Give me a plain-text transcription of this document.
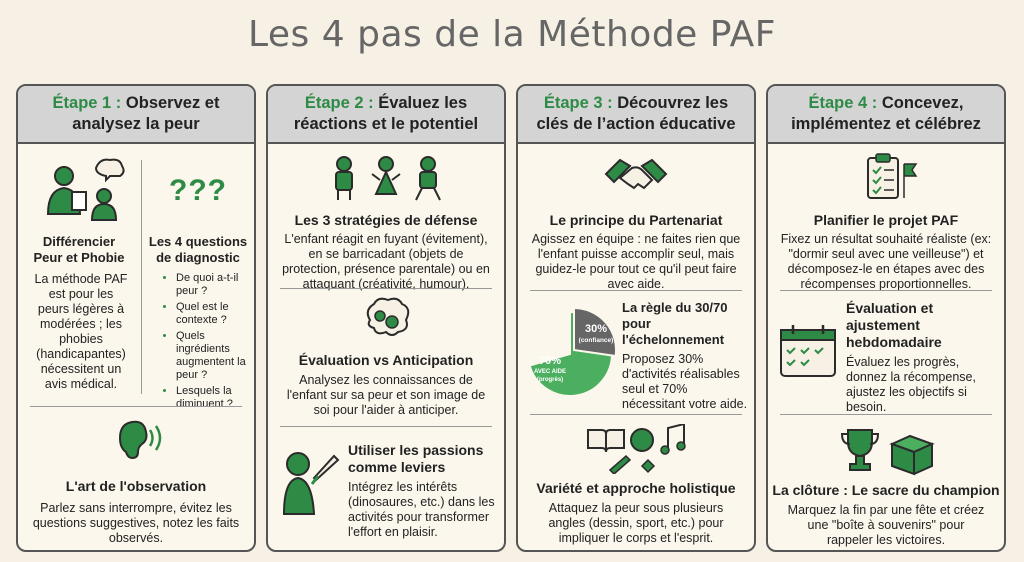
Les 4 pas de la Méthode PAF
Étape 1 : Observez et
analysez la peur
Différencier
Peur et Phobie
La méthode PAF est pour les peurs légères à modérées ; les phobies (handicapantes) nécessitent un avis médical.
???
Les 4 questions
de diagnostic
• De quoi a-t-il peur ?
• Quel est le contexte ?
• Quels ingrédients augmentent la peur ?
• Lesquels la diminuent ?
L'art de l'observation
Parlez sans interrompre, évitez les questions suggestives, notez les faits observés.
Étape 2 : Évaluez les
réactions et le potentiel
Les 3 stratégies de défense
L'enfant réagit en fuyant (évitement), en se barricadant (objets de protection, présence parentale) ou en attaquant (créativité, humour).
Évaluation vs Anticipation
Analysez les connaissances de l'enfant sur sa peur et son image de soi pour l'aider à anticiper.
Utiliser les passions
comme leviers
Intégrez les intérêts (dinosaures, etc.) dans les activités pour transformer l'effort en plaisir.
Étape 3 : Découvrez les
clés de l’action éducative
Le principe du Partenariat
Agissez en équipe : ne faites rien que l'enfant puisse accomplir seul, mais guidez-le pour tout ce qu'il peut faire avec aide.
30%
(confiance)
70%
AVEC AIDE
(progrès)
La règle du 30/70
pour l'échelonnement
Proposez 30% d'activités réalisables seul et 70% nécessitant votre aide.
Variété et approche holistique
Attaquez la peur sous plusieurs angles (dessin, sport, etc.) pour impliquer le corps et l'esprit.
Étape 4 : Concevez,
implémentez et célébrez
Planifier le projet PAF
Fixez un résultat souhaité réaliste (ex: "dormir seul avec une veilleuse") et décomposez-le en étapes avec des récompenses proportionnelles.
Évaluation et
ajustement
hebdomadaire
Évaluez les progrès, donnez la récompense, ajustez les objectifs si besoin.
La clôture : Le sacre du champion
Marquez la fin par une fête et créez une "boîte à souvenirs" pour rappeler les victoires.
